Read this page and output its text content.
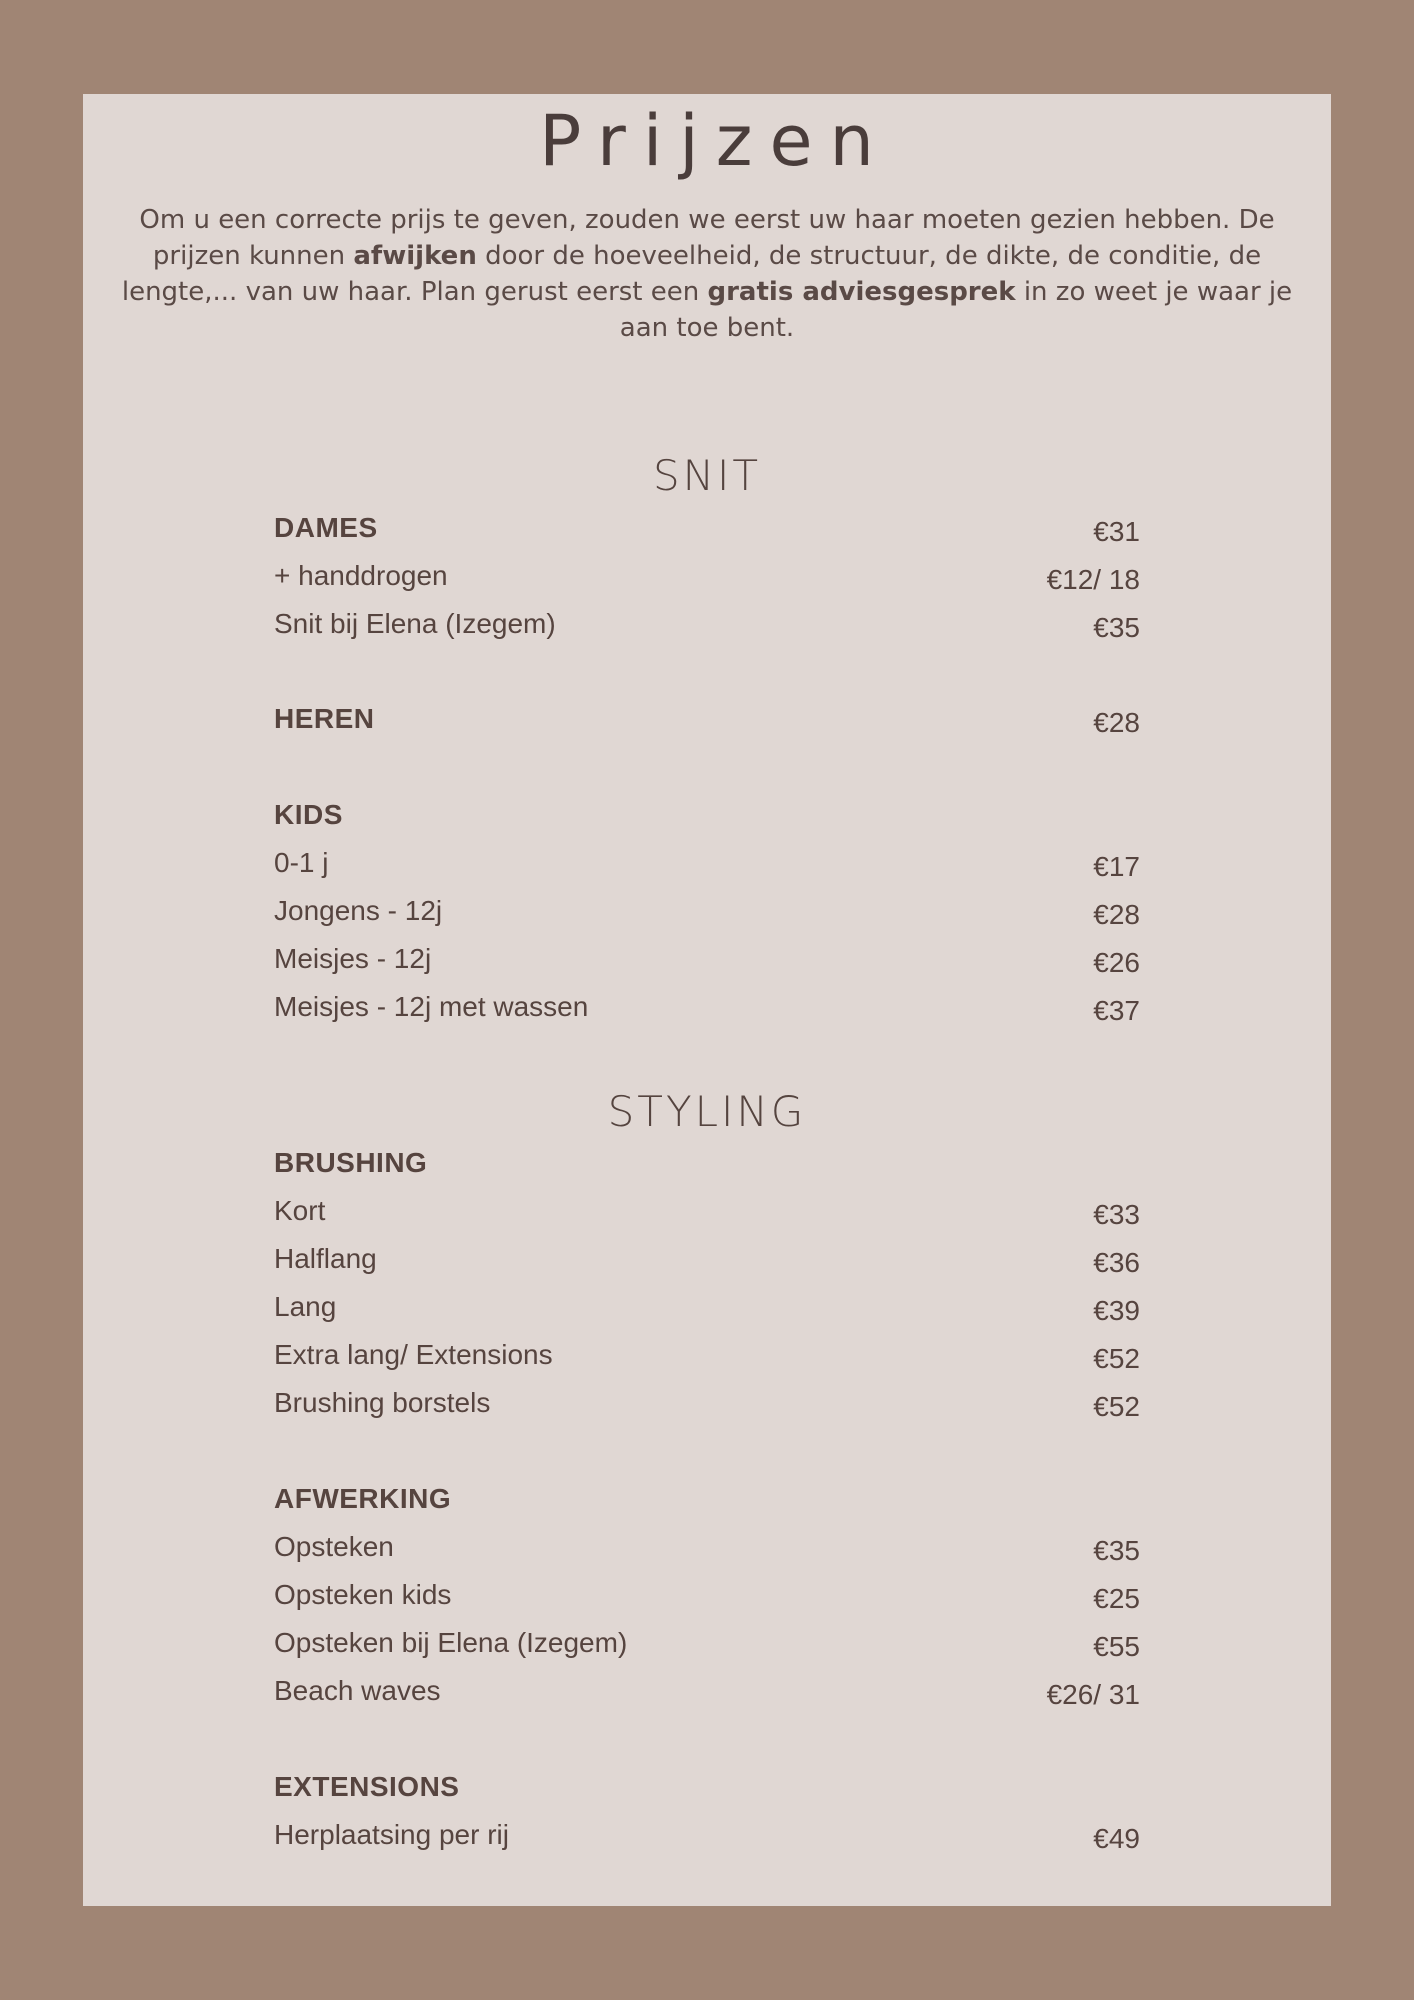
Prijzen
Om u een correcte prijs te geven, zouden we eerst uw haar moeten gezien hebben. De prijzen kunnen afwijken door de hoeveelheid, de structuur, de dikte, de conditie, de lengte,... van uw haar. Plan gerust eerst een gratis adviesgesprek in zo weet je waar je aan toe bent.
SNIT
DAMES	€31
+ handdrogen	€12/ 18
Snit bij Elena (Izegem)	€35
HEREN	€28
KIDS
0-1 j	€17
Jongens - 12j	€28
Meisjes - 12j	€26
Meisjes - 12j met wassen	€37
STYLING
BRUSHING
Kort	€33
Halflang	€36
Lang	€39
Extra lang/ Extensions	€52
Brushing borstels	€52
AFWERKING
Opsteken	€35
Opsteken kids	€25
Opsteken bij Elena (Izegem)	€55
Beach waves	€26/ 31
EXTENSIONS
Herplaatsing per rij	€49
